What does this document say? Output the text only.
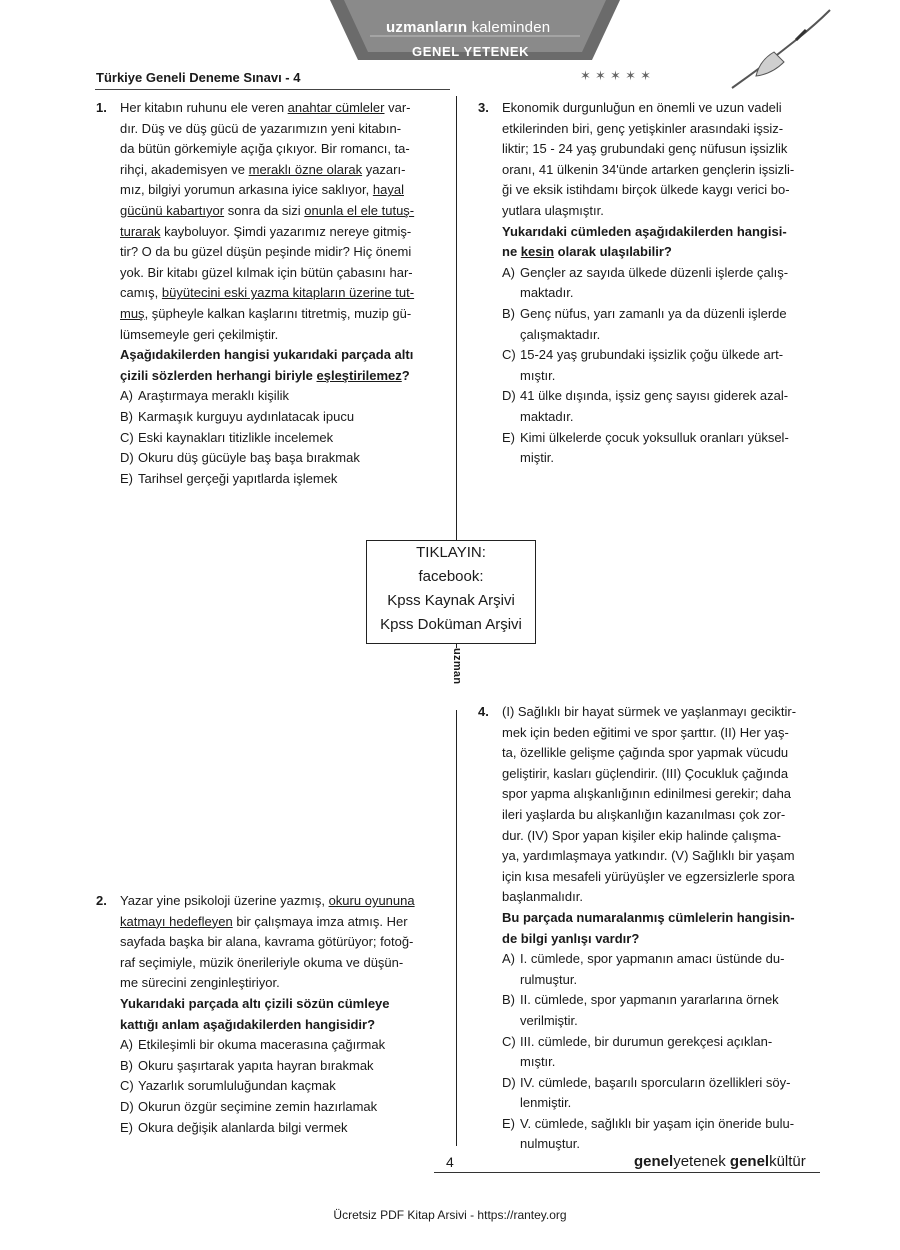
uzmanların kaleminden
GENEL YETENEK
✶ ✶ ✶ ✶ ✶
Türkiye Geneli Deneme Sınavı - 4
uzman
1. Her kitabın ruhunu ele veren anahtar cümleler var-

dır. Düş ve düş gücü de yazarımızın yeni kitabın-

da bütün görkemiyle açığa çıkıyor. Bir romancı, ta-

rihçi, akademisyen ve meraklı özne olarak yazarı-

mız, bilgiyi yorumun arkasına iyice saklıyor, hayal

gücünü kabartıyor sonra da sizi onunla el ele tutuş-

turarak kayboluyor. Şimdi yazarımız nereye gitmiş-

tir? O da bu güzel düşün peşinde midir? Hiç önemi

yok. Bir kitabı güzel kılmak için bütün çabasını har-

camış, büyütecini eski yazma kitapların üzerine tut-

muş, şüpheyle kalkan kaşlarını titretmiş, muzip gü-

lümsemeyle geri çekilmiştir.

Aşağıdakilerden hangisi yukarıdaki parçada altı

çizili sözlerden herhangi biriyle eşleştirilemez?

A) Araştırmaya meraklı kişilik
B) Karmaşık kurguyu aydınlatacak ipucu
C) Eski kaynakları titizlikle incelemek
D) Okuru düş gücüyle baş başa bırakmak
E) Tarihsel gerçeği yapıtlarda işlemek
2. Yazar yine psikoloji üzerine yazmış, okuru oyununa

katmayı hedefleyen bir çalışmaya imza atmış. Her

sayfada başka bir alana, kavrama götürüyor; fotoğ-

raf seçimiyle, müzik önerileriyle okuma ve düşün-

me sürecini zenginleştiriyor.

Yukarıdaki parçada altı çizili sözün cümleye

kattığı anlam aşağıdakilerden hangisidir?

A) Etkileşimli bir okuma macerasına çağırmak
B) Okuru şaşırtarak yapıta hayran bırakmak
C) Yazarlık sorumluluğundan kaçmak
D) Okurun özgür seçimine zemin hazırlamak
E) Okura değişik alanlarda bilgi vermek
3. Ekonomik durgunluğun en önemli ve uzun vadeli

etkilerinden biri, genç yetişkinler arasındaki işsiz-

liktir; 15 - 24 yaş grubundaki genç nüfusun işsizlik

oranı, 41 ülkenin 34'ünde artarken gençlerin işsizli-

ği ve eksik istihdamı birçok ülkede kaygı verici bo-

yutlara ulaşmıştır.

Yukarıdaki cümleden aşağıdakilerden hangisi-

ne kesin olarak ulaşılabilir?

A) Gençler az sayıda ülkede düzenli işlerde çalış-
maktadır.
B) Genç nüfus, yarı zamanlı ya da düzenli işlerde
çalışmaktadır.
C) 15-24 yaş grubundaki işsizlik çoğu ülkede art-
mıştır.
D) 41 ülke dışında, işsiz genç sayısı giderek azal-
maktadır.
E) Kimi ülkelerde çocuk yoksulluk oranları yüksel-
miştir.
4. (I) Sağlıklı bir hayat sürmek ve yaşlanmayı geciktir-

mek için beden eğitimi ve spor şarttır. (II) Her yaş-

ta, özellikle gelişme çağında spor yapmak vücudu

geliştirir, kasları güçlendirir. (III) Çocukluk çağında

spor yapma alışkanlığının edinilmesi gerekir; daha

ileri yaşlarda bu alışkanlığın kazanılması çok zor-

dur. (IV) Spor yapan kişiler ekip halinde çalışma-

ya, yardımlaşmaya yatkındır. (V) Sağlıklı bir yaşam

için kısa mesafeli yürüyüşler ve egzersizlerle spora

başlanmalıdır.

Bu parçada numaralanmış cümlelerin hangisin-

de bilgi yanlışı vardır?

A) I. cümlede, spor yapmanın amacı üstünde du-
rulmuştur.
B) II. cümlede, spor yapmanın yararlarına örnek
verilmiştir.
C) III. cümlede, bir durumun gerekçesi açıklan-
mıştır.
D) IV. cümlede, başarılı sporcuların özellikleri söy-
lenmiştir.
E) V. cümlede, sağlıklı bir yaşam için öneride bulu-
nulmuştur.
TIKLAYIN:
facebook:
Kpss Kaynak Arşivi
Kpss Doküman Arşivi
4	genelyetenek genelkültür
Ücretsiz PDF Kitap Arsivi - https://rantey.org
